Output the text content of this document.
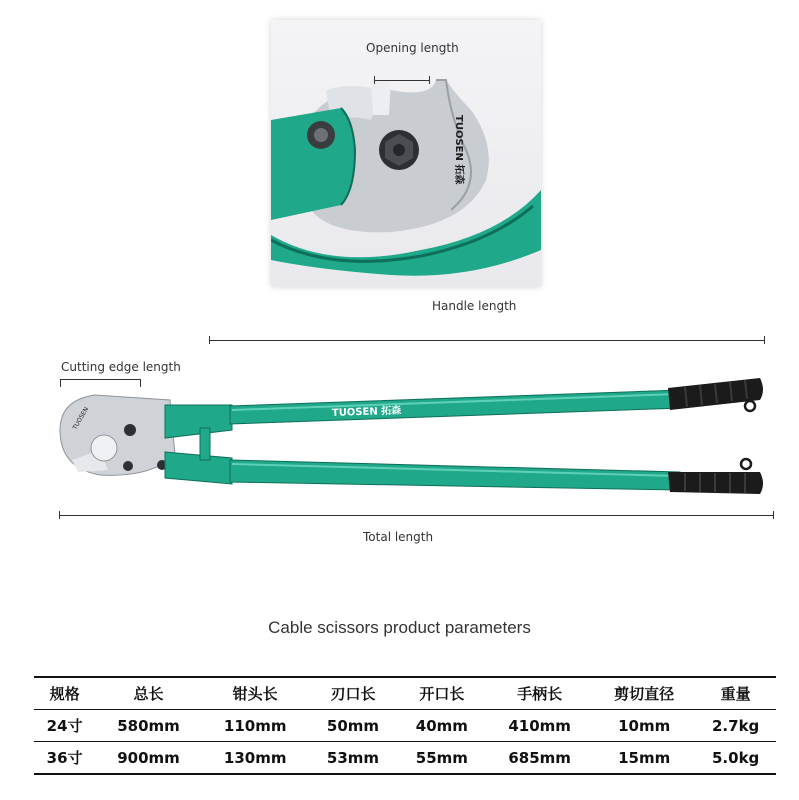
TUOSEN 拓森
Opening length
Handle length
Cutting edge length
TUOSEN	TUOSEN 拓森
Total length
Cable scissors product parameters
规格	总长	钳头长	刃口长	开口长	手柄长	剪切直径	重量
24寸	580mm	110mm	50mm	40mm	410mm	10mm	2.7kg
36寸	900mm	130mm	53mm	55mm	685mm	15mm	5.0kg
